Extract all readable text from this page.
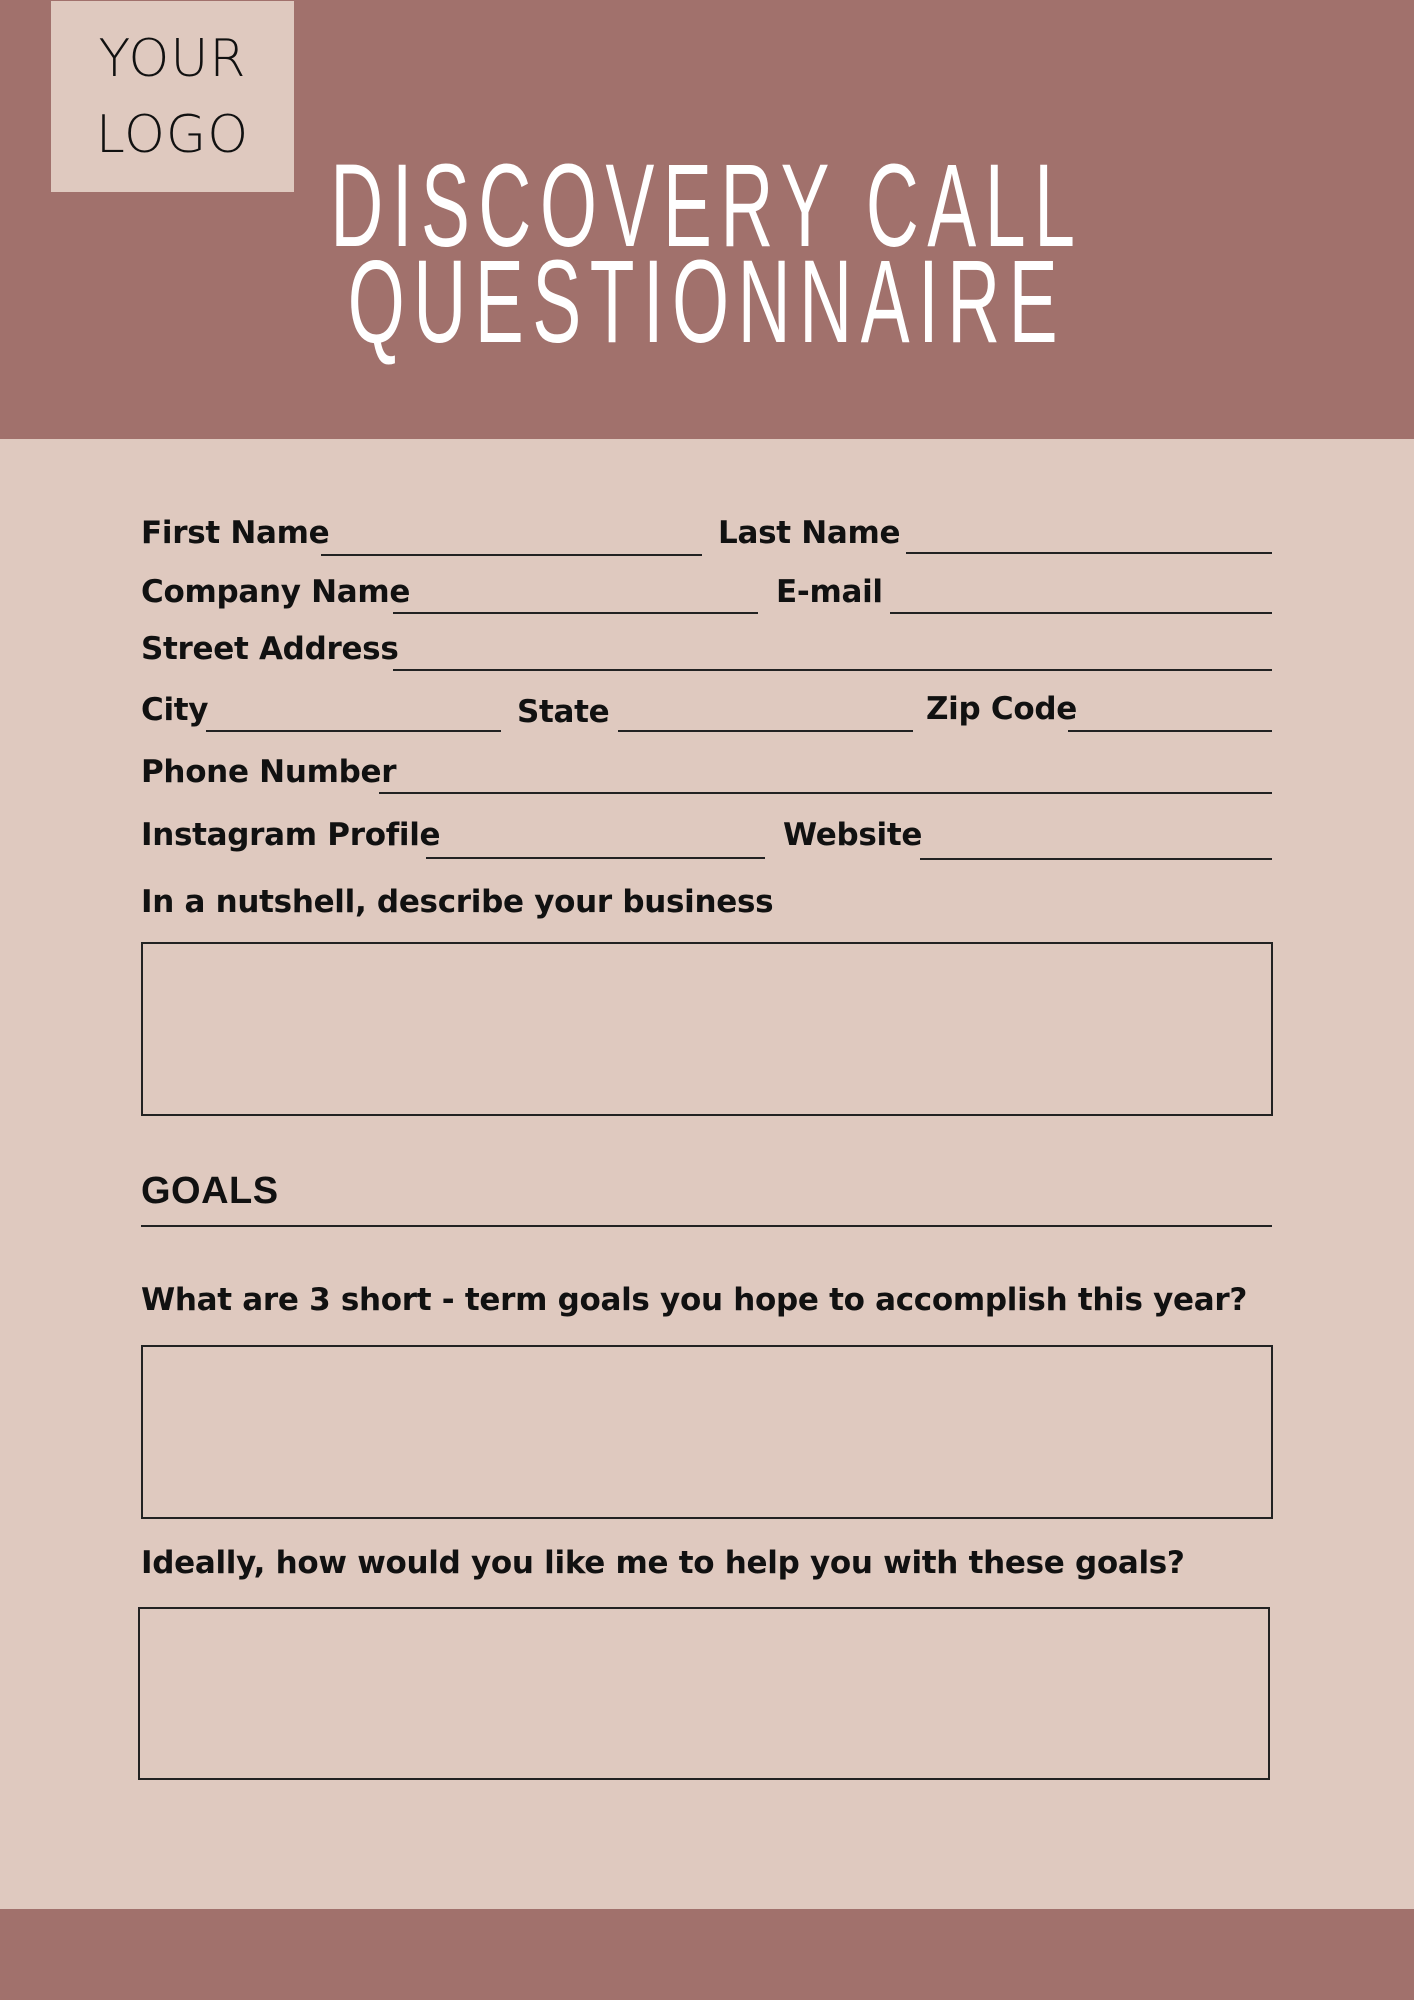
YOUR
LOGO
DISCOVERY CALL
QUESTIONNAIRE
First Name	Last Name
Company Name	E-mail
Street Address
City	State	Zip Code
Phone Number
Instagram Profile	Website
In a nutshell, describe your business
GOALS
What are 3 short - term goals you hope to accomplish this year?
Ideally, how would you like me to help you with these goals?
